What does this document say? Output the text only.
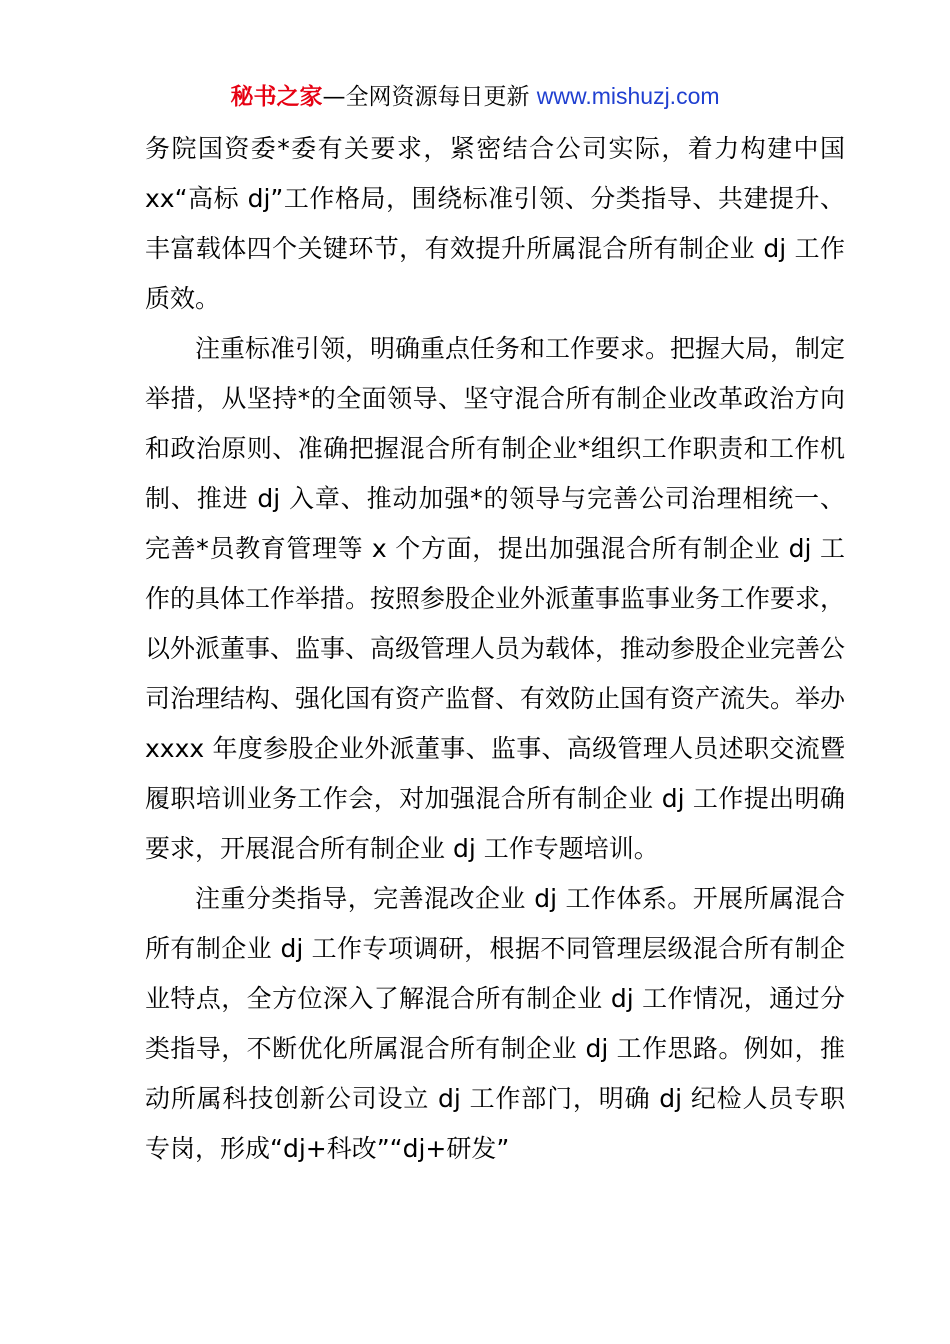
秘书之家—全网资源每日更新 www.mishuzj.com

务院国资委*委有关要求，紧密结合公司实际，着力构建中国 xx“高标 dj”工作格局，围绕标准引领、分类指导、共建提升、丰富载体四个关键环节，有效提升所属混合所有制企业 dj 工作质效。

注重标准引领，明确重点任务和工作要求。把握大局，制定举措，从坚持*的全面领导、坚守混合所有制企业改革政治方向和政治原则、准确把握混合所有制企业*组织工作职责和工作机制、推进 dj 入章、推动加强*的领导与完善公司治理相统一、完善*员教育管理等 x 个方面，提出加强混合所有制企业 dj 工作的具体工作举措。按照参股企业外派董事监事业务工作要求，以外派董事、监事、高级管理人员为载体，推动参股企业完善公司治理结构、强化国有资产监督、有效防止国有资产流失。举办 xxxx 年度参股企业外派董事、监事、高级管理人员述职交流暨履职培训业务工作会，对加强混合所有制企业 dj 工作提出明确要求，开展混合所有制企业 dj 工作专题培训。

注重分类指导，完善混改企业 dj 工作体系。开展所属混合所有制企业 dj 工作专项调研，根据不同管理层级混合所有制企业特点，全方位深入了解混合所有制企业 dj 工作情况，通过分类指导，不断优化所属混合所有制企业 dj 工作思路。例如，推动所属科技创新公司设立 dj 工作部门，明确 dj 纪检人员专职专岗，形成“dj+科改”“dj+研发”
